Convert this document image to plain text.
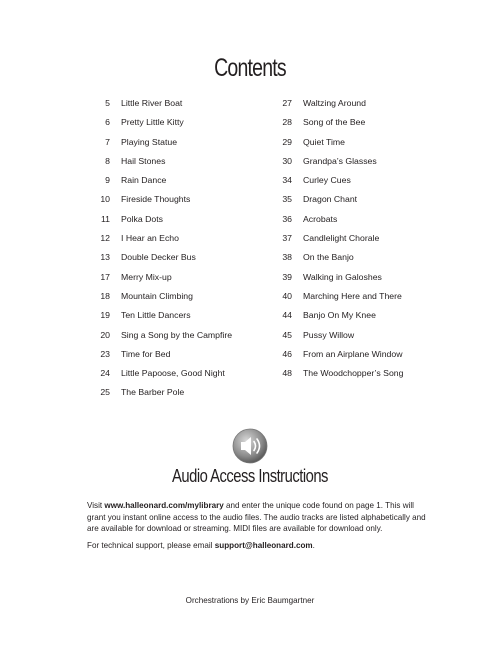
Contents
5 Little River Boat
6 Pretty Little Kitty
7 Playing Statue
8 Hail Stones
9 Rain Dance
10 Fireside Thoughts
11 Polka Dots
12 I Hear an Echo
13 Double Decker Bus
17 Merry Mix-up
18 Mountain Climbing
19 Ten Little Dancers
20 Sing a Song by the Campfire
23 Time for Bed
24 Little Papoose, Good Night
25 The Barber Pole
27 Waltzing Around
28 Song of the Bee
29 Quiet Time
30 Grandpa’s Glasses
34 Curley Cues
35 Dragon Chant
36 Acrobats
37 Candlelight Chorale
38 On the Banjo
39 Walking in Galoshes
40 Marching Here and There
44 Banjo On My Knee
45 Pussy Willow
46 From an Airplane Window
48 The Woodchopper’s Song
Audio Access Instructions
Visit www.halleonard.com/mylibrary and enter the unique code found on page 1. This will grant you instant online access to the audio files. The audio tracks are listed alphabetically and are available for download or streaming. MIDI files are available for download only.
For technical support, please email support@halleonard.com.
Orchestrations by Eric Baumgartner
